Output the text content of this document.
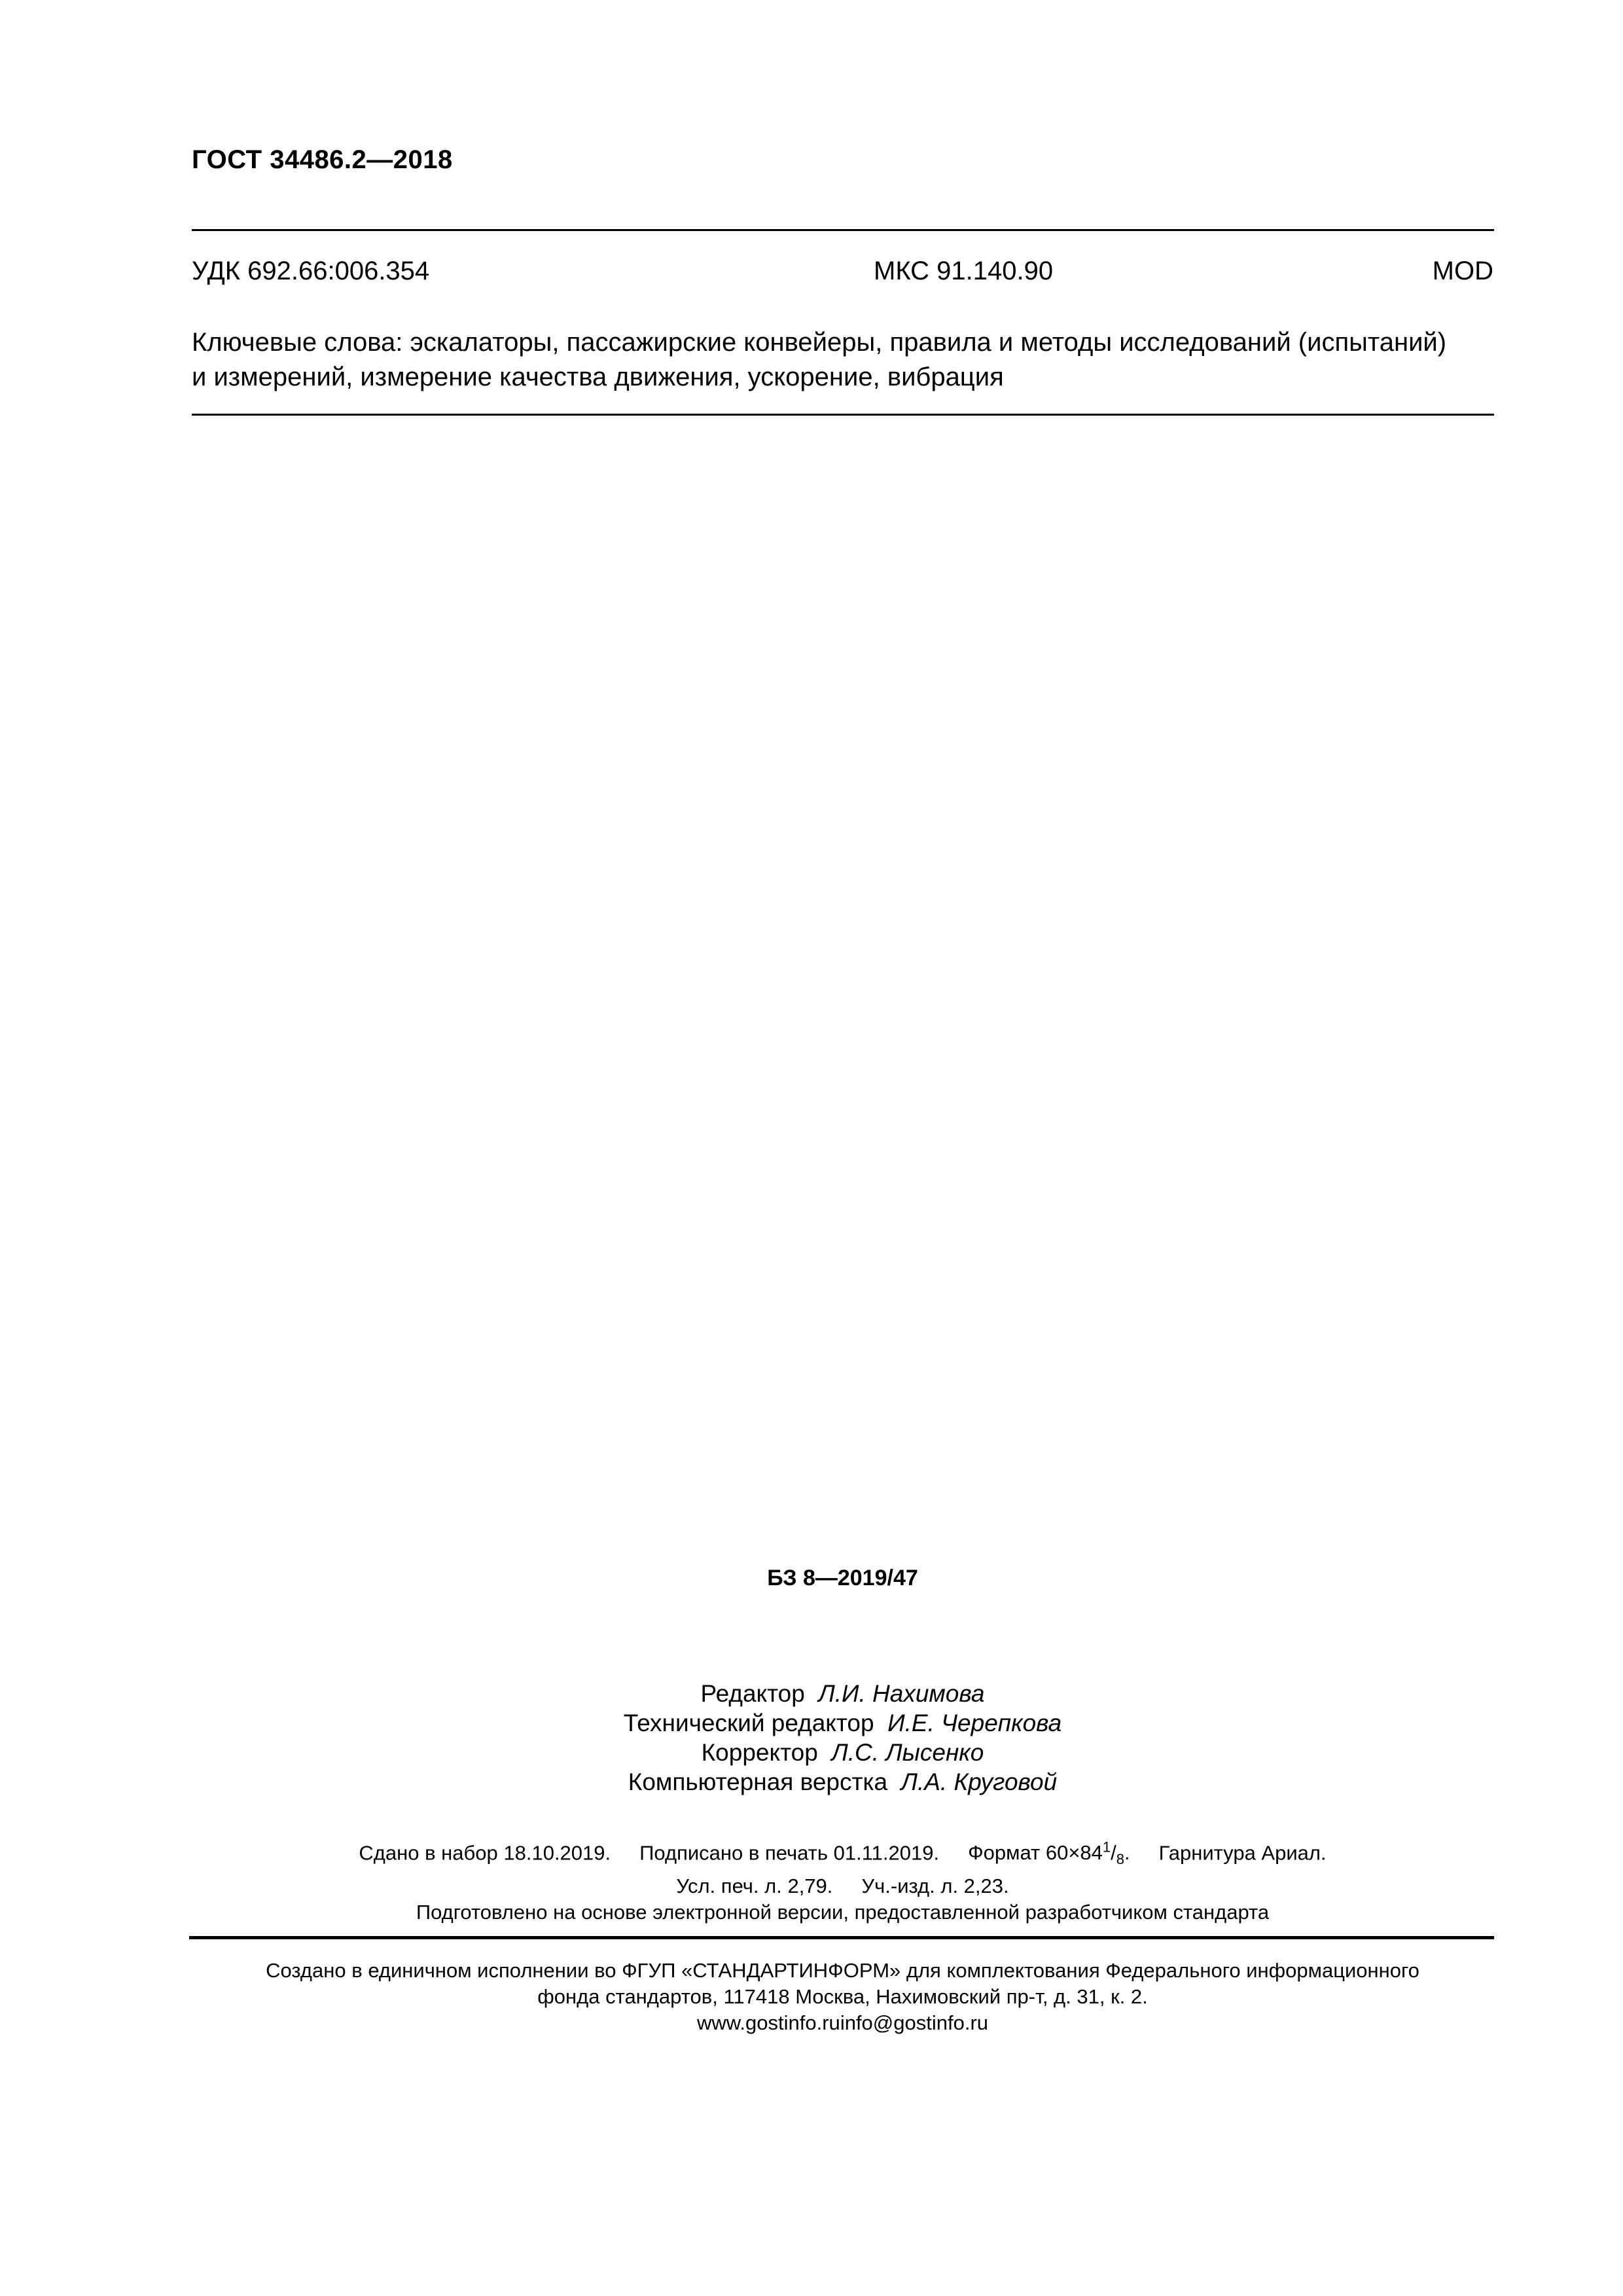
ГОСТ 34486.2—2018
УДК 692.66:006.354	МКС 91.140.90	MOD
Ключевые слова: эскалаторы, пассажирские конвейеры, правила и методы исследований (испытаний)
и измерений, измерение качества движения, ускорение, вибрация
БЗ 8—2019/47
Редактор Л.И. Нахимова
Технический редактор И.Е. Черепкова
Корректор Л.С. Лысенко
Компьютерная верстка Л.А. Круговой
Сдано в набор 18.10.2019. Подписано в печать 01.11.2019. Формат $60\times 84^1/_8$. Гарнитура Ариал.
Усл. печ. л. 2,79. Уч.-изд. л. 2,23.
Подготовлено на основе электронной версии, предоставленной разработчиком стандарта
Создано в единичном исполнении во ФГУП «СТАНДАРТИНФОРМ» для комплектования Федерального информационного
фонда стандартов, 117418 Москва, Нахимовский пр-т, д. 31, к. 2.
www.gostinfo.ruinfo@gostinfo.ru
